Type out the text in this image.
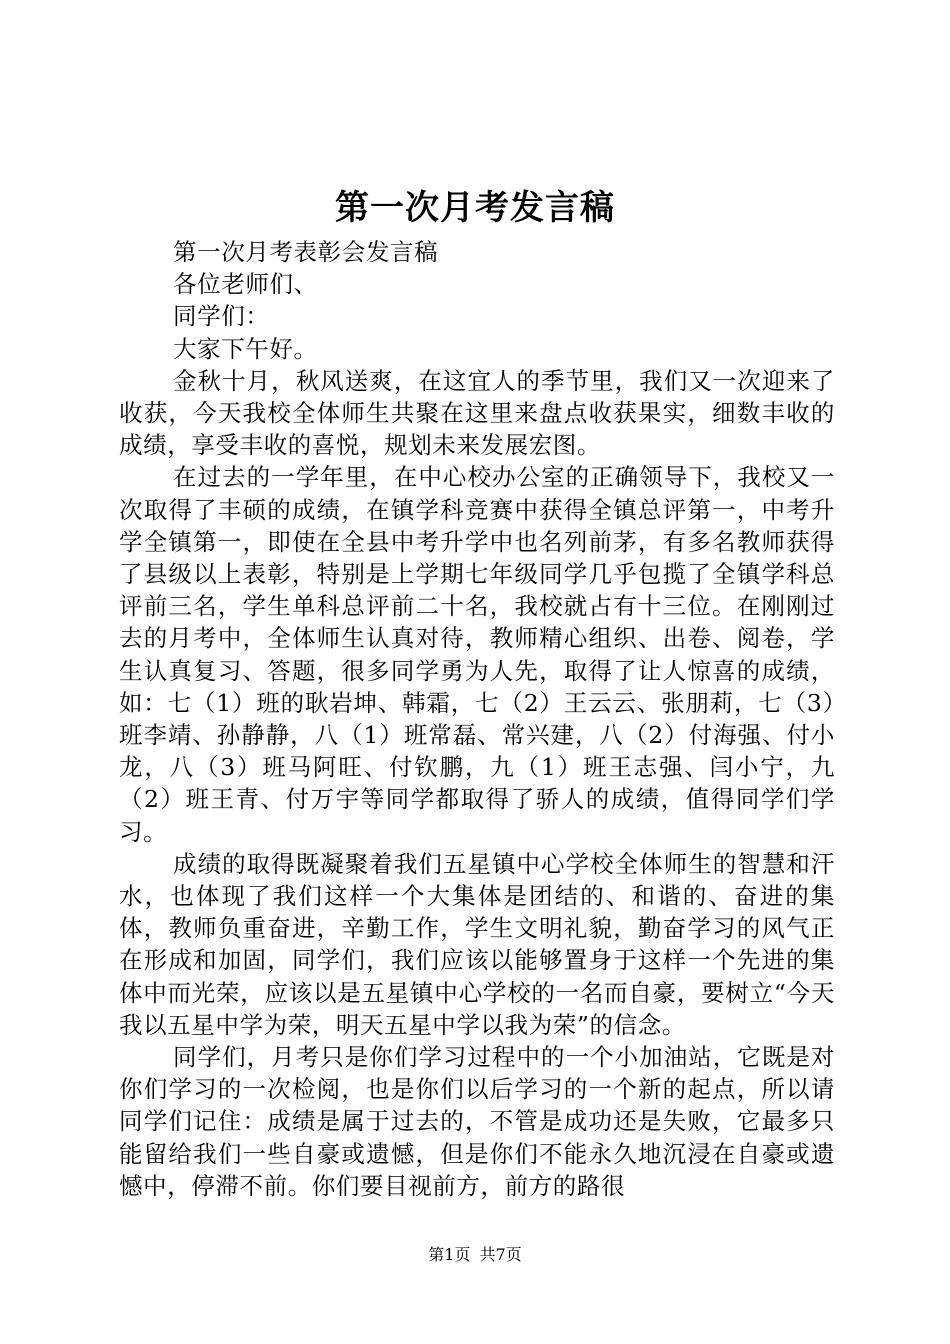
第一次月考发言稿

第一次月考表彰会发言稿

各位老师们、

同学们：

大家下午好。

金秋十月，秋风送爽，在这宜人的季节里，我们又一次迎来了收获，今天我校全体师生共聚在这里来盘点收获果实，细数丰收的成绩，享受丰收的喜悦，规划未来发展宏图。

在过去的一学年里，在中心校办公室的正确领导下，我校又一次取得了丰硕的成绩，在镇学科竞赛中获得全镇总评第一，中考升学全镇第一，即使在全县中考升学中也名列前茅，有多名教师获得了县级以上表彰，特别是上学期七年级同学几乎包揽了全镇学科总评前三名，学生单科总评前二十名，我校就占有十三位。在刚刚过去的月考中，全体师生认真对待，教师精心组织、出卷、阅卷，学生认真复习、答题，很多同学勇为人先，取得了让人惊喜的成绩，如：七（1）班的耿岩坤、韩霜，七（2）王云云、张朋莉，七（3）班李靖、孙静静，八（1）班常磊、常兴建，八（2）付海强、付小龙，八（3）班马阿旺、付钦鹏，九（1）班王志强、闫小宁，九（2）班王青、付万宇等同学都取得了骄人的成绩，值得同学们学习。

成绩的取得既凝聚着我们五星镇中心学校全体师生的智慧和汗水，也体现了我们这样一个大集体是团结的、和谐的、奋进的集体，教师负重奋进，辛勤工作，学生文明礼貌，勤奋学习的风气正在形成和加固，同学们，我们应该以能够置身于这样一个先进的集体中而光荣，应该以是五星镇中心学校的一名而自豪，要树立“今天我以五星中学为荣，明天五星中学以我为荣”的信念。

同学们，月考只是你们学习过程中的一个小加油站，它既是对你们学习的一次检阅，也是你们以后学习的一个新的起点，所以请同学们记住：成绩是属于过去的，不管是成功还是失败，它最多只能留给我们一些自豪或遗憾，但是你们不能永久地沉浸在自豪或遗憾中，停滞不前。你们要目视前方，前方的路很

第1页 共7页
